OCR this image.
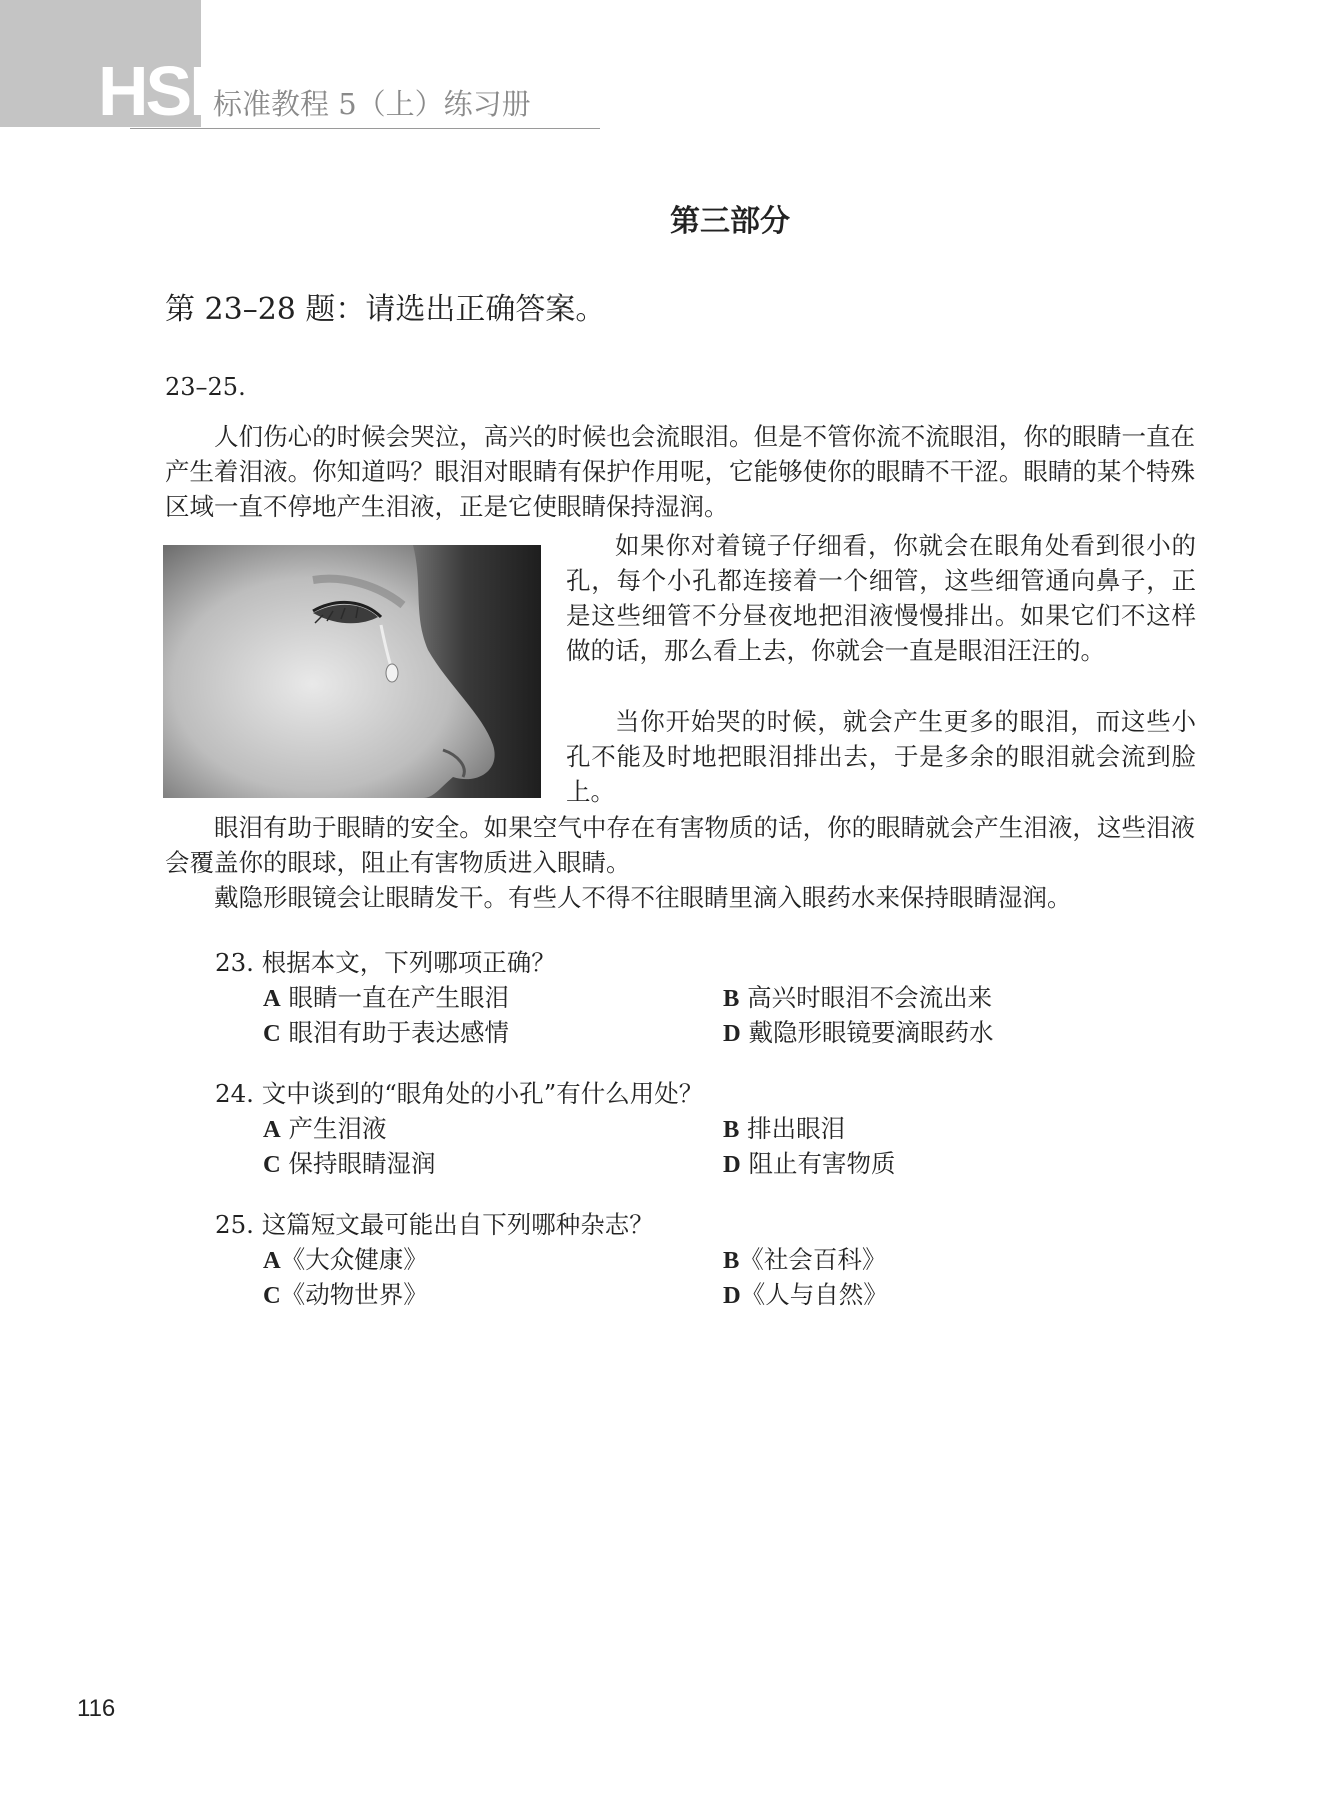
HSK
标准教程 5（上）练习册
第三部分
第 23–28 题：请选出正确答案。
23–25.

人们伤心的时候会哭泣，高兴的时候也会流眼泪。但是不管你流不流眼泪，你的眼睛一直在产生着泪液。你知道吗？眼泪对眼睛有保护作用呢，它能够使你的眼睛不干涩。眼睛的某个特殊区域一直不停地产生泪液，正是它使眼睛保持湿润。

如果你对着镜子仔细看，你就会在眼角处看到很小的孔，每个小孔都连接着一个细管，这些细管通向鼻子，正是这些细管不分昼夜地把泪液慢慢排出。如果它们不这样做的话，那么看上去，你就会一直是眼泪汪汪的。

当你开始哭的时候，就会产生更多的眼泪，而这些小孔不能及时地把眼泪排出去，于是多余的眼泪就会流到脸上。

眼泪有助于眼睛的安全。如果空气中存在有害物质的话，你的眼睛就会产生泪液，这些泪液会覆盖你的眼球，阻止有害物质进入眼睛。

戴隐形眼镜会让眼睛发干。有些人不得不往眼睛里滴入眼药水来保持眼睛湿润。

23. 根据本文，下列哪项正确？
A 眼睛一直在产生眼泪	B 高兴时眼泪不会流出来
C 眼泪有助于表达感情	D 戴隐形眼镜要滴眼药水
24. 文中谈到的“眼角处的小孔”有什么用处？
A 产生泪液	B 排出眼泪
C 保持眼睛湿润	D 阻止有害物质
25. 这篇短文最可能出自下列哪种杂志？
A《大众健康》	B《社会百科》
C《动物世界》	D《人与自然》
116
